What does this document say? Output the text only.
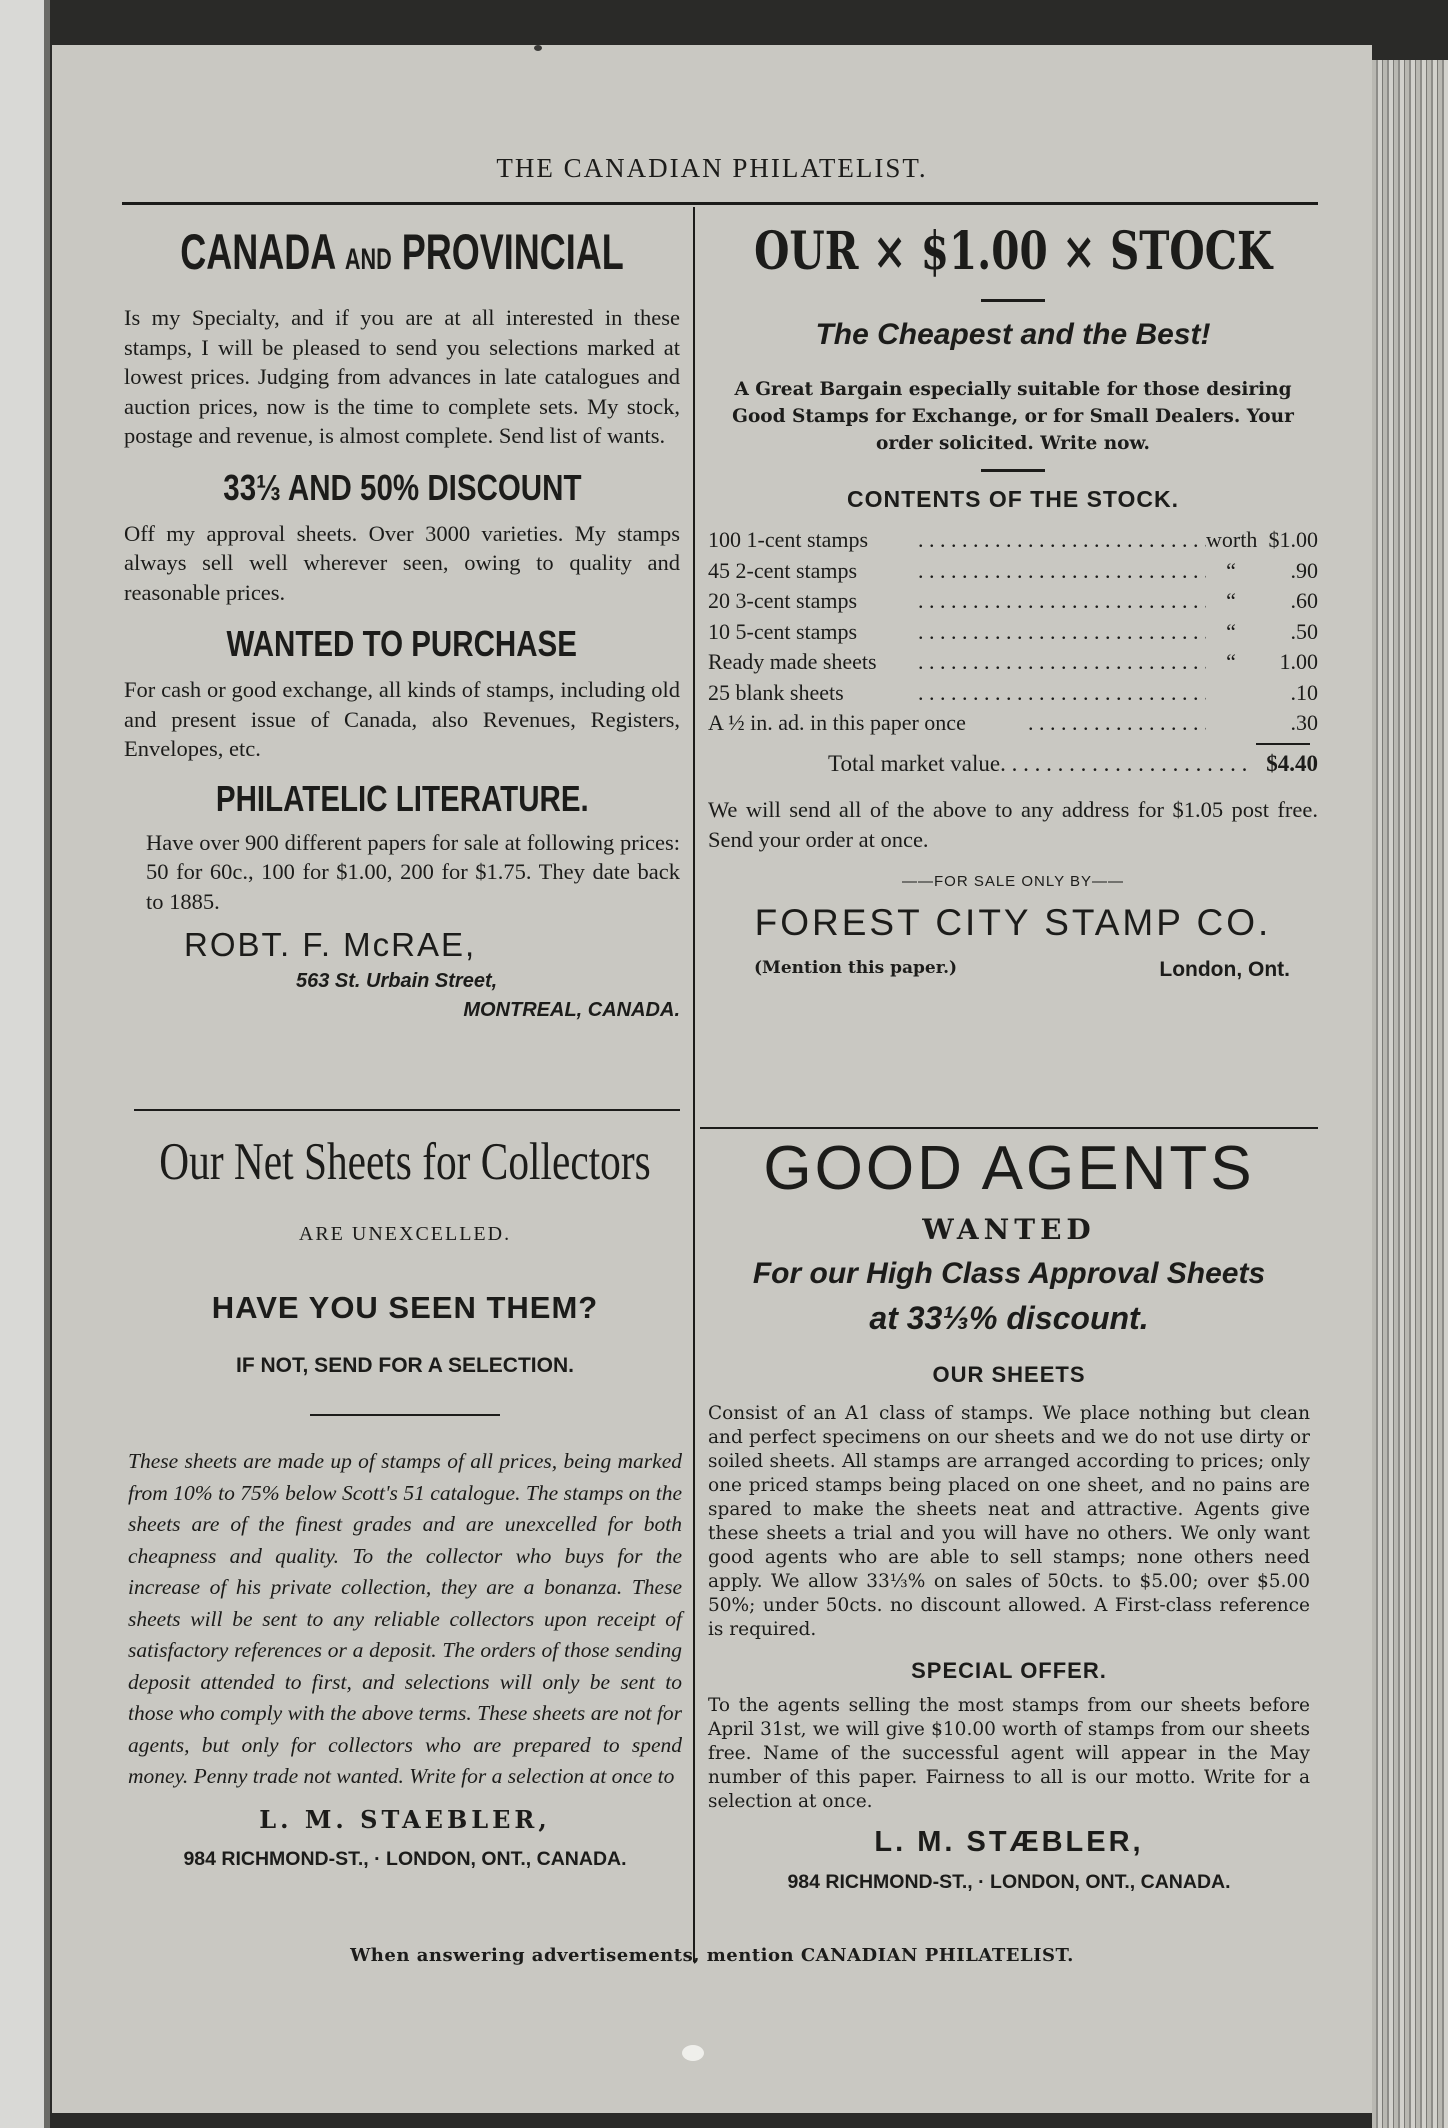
THE CANADIAN PHILATELIST.
CANADA AND PROVINCIAL
Is my Specialty, and if you are at all interested in these stamps, I will be pleased to send you selections marked at lowest prices. Judging from advances in late catalogues and auction prices, now is the time to complete sets. My stock, postage and revenue, is almost complete. Send list of wants.
33⅓ AND 50% DISCOUNT
Off my approval sheets. Over 3000 varieties. My stamps always sell well wherever seen, owing to quality and reasonable prices.
WANTED TO PURCHASE
For cash or good exchange, all kinds of stamps, including old and present issue of Canada, also Revenues, Registers, Envelopes, etc.
PHILATELIC LITERATURE.
Have over 900 different papers for sale at following prices: 50 for 60c., 100 for $1.00, 200 for $1.75. They date back to 1885.
ROBT. F. McRAE,
563 St. Urbain Street,
MONTREAL, CANADA.
OUR × $1.00 × STOCK
The Cheapest and the Best!
A Great Bargain especially suitable for those desiring Good Stamps for Exchange, or for Small Dealers. Your order solicited. Write now.
CONTENTS OF THE STOCK.
100 1-cent stamps . . .	worth $1.00
45 2-cent stamps . . .	“	.90
20 3-cent stamps . . .	“	.60
10 5-cent stamps . . .	“	.50
Ready made sheets . . .	“	1.00
25 blank sheets . . .	.10
A ½ in. ad. in this paper once . . .	.30
Total market value . . .	$4.40
We will send all of the above to any address for $1.05 post free. Send your order at once.
——FOR SALE ONLY BY——
FOREST CITY STAMP CO.
(Mention this paper.)	London, Ont.
Our Net Sheets for Collectors
ARE UNEXCELLED.
HAVE YOU SEEN THEM?
IF NOT, SEND FOR A SELECTION.
These sheets are made up of stamps of all prices, being marked from 10% to 75% below Scott's 51 catalogue. The stamps on the sheets are of the finest grades and are unexcelled for both cheapness and quality. To the collector who buys for the increase of his private collection, they are a bonanza. These sheets will be sent to any reliable collectors upon receipt of satisfactory references or a deposit. The orders of those sending deposit attended to first, and selections will only be sent to those who comply with the above terms. These sheets are not for agents, but only for collectors who are prepared to spend money. Penny trade not wanted. Write for a selection at once to
L. M. STAEBLER,
984 RICHMOND-ST., · LONDON, ONT., CANADA.
GOOD AGENTS
WANTED
For our High Class Approval Sheets
at 33⅓% discount.
OUR SHEETS
Consist of an A1 class of stamps. We place nothing but clean and perfect specimens on our sheets and we do not use dirty or soiled sheets. All stamps are arranged according to prices; only one priced stamps being placed on one sheet, and no pains are spared to make the sheets neat and attractive. Agents give these sheets a trial and you will have no others. We only want good agents who are able to sell stamps; none others need apply. We allow 33⅓% on sales of 50cts. to $5.00; over $5.00 50%; under 50cts. no discount allowed. A First-class reference is required.
SPECIAL OFFER.
To the agents selling the most stamps from our sheets before April 31st, we will give $10.00 worth of stamps from our sheets free. Name of the successful agent will appear in the May number of this paper. Fairness to all is our motto. Write for a selection at once.
L. M. STÆBLER,
984 RICHMOND-ST., · LONDON, ONT., CANADA.
When answering advertisements, mention CANADIAN PHILATELIST.
